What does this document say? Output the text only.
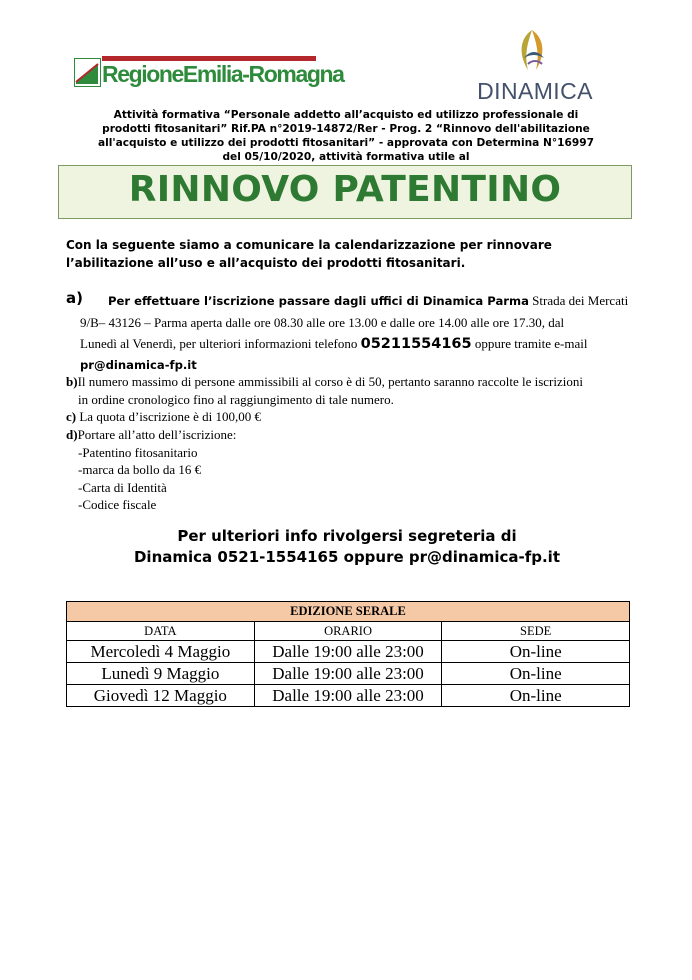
RegioneEmilia-Romagna
DINAMICA
Attività formativa “Personale addetto all’acquisto ed utilizzo professionale di prodotti fitosanitari” Rif.PA n°2019-14872/Rer - Prog. 2 “Rinnovo dell'abilitazione all'acquisto e utilizzo dei prodotti fitosanitari” - approvata con Determina N°16997 del 05/10/2020, attività formativa utile al
RINNOVO PATENTINO
Con la seguente siamo a comunicare la calendarizzazione per rinnovare l’abilitazione all’uso e all’acquisto dei prodotti fitosanitari.
a)	Per effettuare l’iscrizione passare dagli uffici di Dinamica Parma Strada dei Mercati
9/B– 43126 – Parma aperta dalle ore 08.30 alle ore 13.00 e dalle ore 14.00 alle ore 17.30, dal
Lunedì al Venerdì, per ulteriori informazioni telefono 05211554165 oppure tramite e-mail
pr@dinamica-fp.it
b)Il numero massimo di persone ammissibili al corso è di 50, pertanto saranno raccolte le iscrizioni
in ordine cronologico fino al raggiungimento di tale numero.
c) La quota d’iscrizione è di 100,00 €
d)Portare all’atto dell’iscrizione:
-Patentino fitosanitario
-marca da bollo da 16 €
-Carta di Identità
-Codice fiscale
Per ulteriori info rivolgersi segreteria di
Dinamica 0521-1554165 oppure pr@dinamica-fp.it
EDIZIONE SERALE		
DATA	ORARIO	SEDE
Mercoledì 4 Maggio	Dalle 19:00 alle 23:00	On-line
Lunedì 9 Maggio	Dalle 19:00 alle 23:00	On-line
Giovedì 12 Maggio	Dalle 19:00 alle 23:00	On-line
